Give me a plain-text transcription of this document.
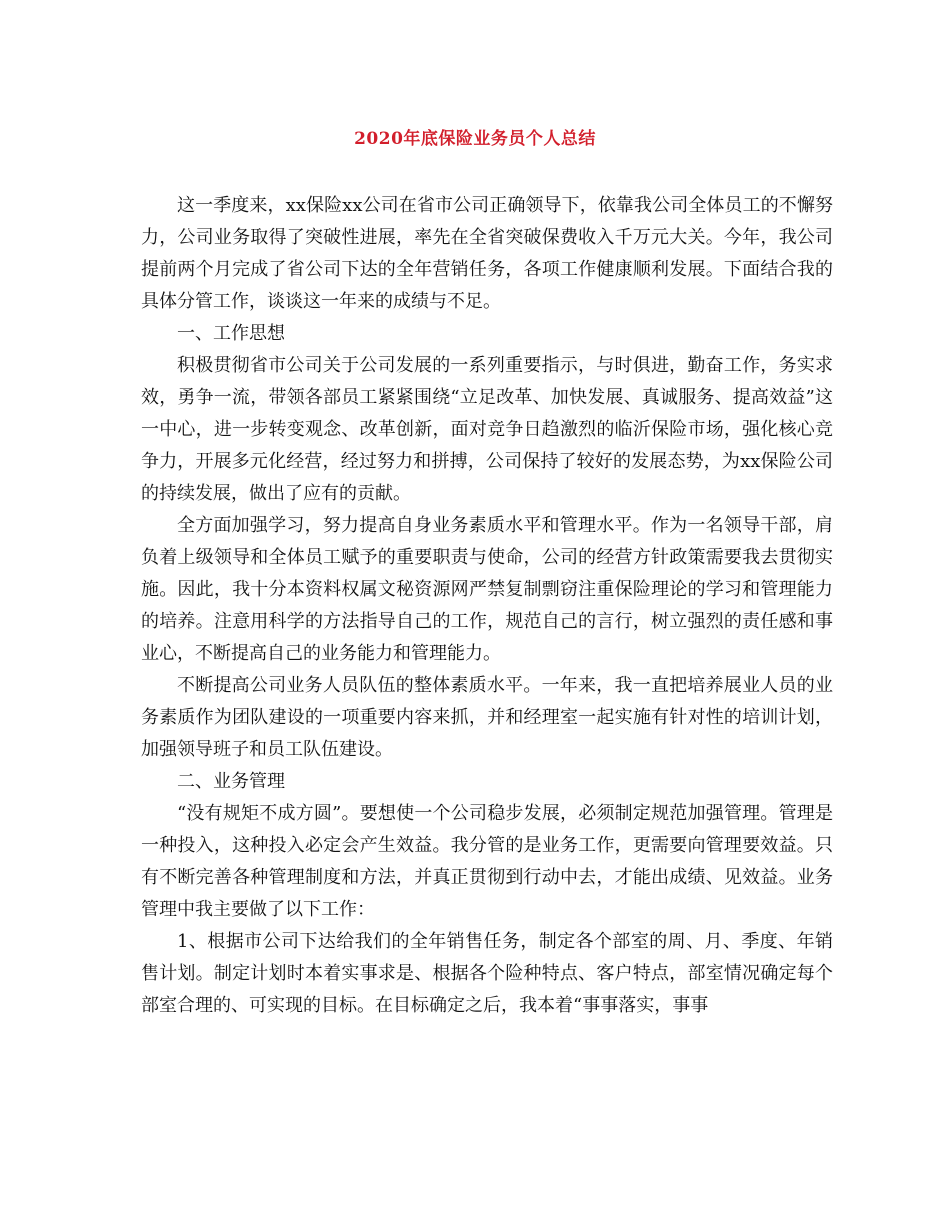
2020年底保险业务员个人总结

这一季度来，xx保险xx公司在省市公司正确领导下，依靠我公司全体员工的不懈努力，公司业务取得了突破性进展，率先在全省突破保费收入千万元大关。今年，我公司提前两个月完成了省公司下达的全年营销任务，各项工作健康顺利发展。下面结合我的具体分管工作，谈谈这一年来的成绩与不足。

一、工作思想

积极贯彻省市公司关于公司发展的一系列重要指示，与时俱进，勤奋工作，务实求效，勇争一流，带领各部员工紧紧围绕“立足改革、加快发展、真诚服务、提高效益”这一中心，进一步转变观念、改革创新，面对竞争日趋激烈的临沂保险市场，强化核心竞争力，开展多元化经营，经过努力和拼搏，公司保持了较好的发展态势，为xx保险公司的持续发展，做出了应有的贡献。

全方面加强学习，努力提高自身业务素质水平和管理水平。作为一名领导干部，肩负着上级领导和全体员工赋予的重要职责与使命，公司的经营方针政策需要我去贯彻实施。因此，我十分本资料权属文秘资源网严禁复制剽窃注重保险理论的学习和管理能力的培养。注意用科学的方法指导自己的工作，规范自己的言行，树立强烈的责任感和事业心，不断提高自己的业务能力和管理能力。

不断提高公司业务人员队伍的整体素质水平。一年来，我一直把培养展业人员的业务素质作为团队建设的一项重要内容来抓，并和经理室一起实施有针对性的培训计划，加强领导班子和员工队伍建设。

二、业务管理

“没有规矩不成方圆”。要想使一个公司稳步发展，必须制定规范加强管理。管理是一种投入，这种投入必定会产生效益。我分管的是业务工作，更需要向管理要效益。只有不断完善各种管理制度和方法，并真正贯彻到行动中去，才能出成绩、见效益。业务管理中我主要做了以下工作：

1、根据市公司下达给我们的全年销售任务，制定各个部室的周、月、季度、年销售计划。制定计划时本着实事求是、根据各个险种特点、客户特点，部室情况确定每个部室合理的、可实现的目标。在目标确定之后，我本着“事事落实，事事
